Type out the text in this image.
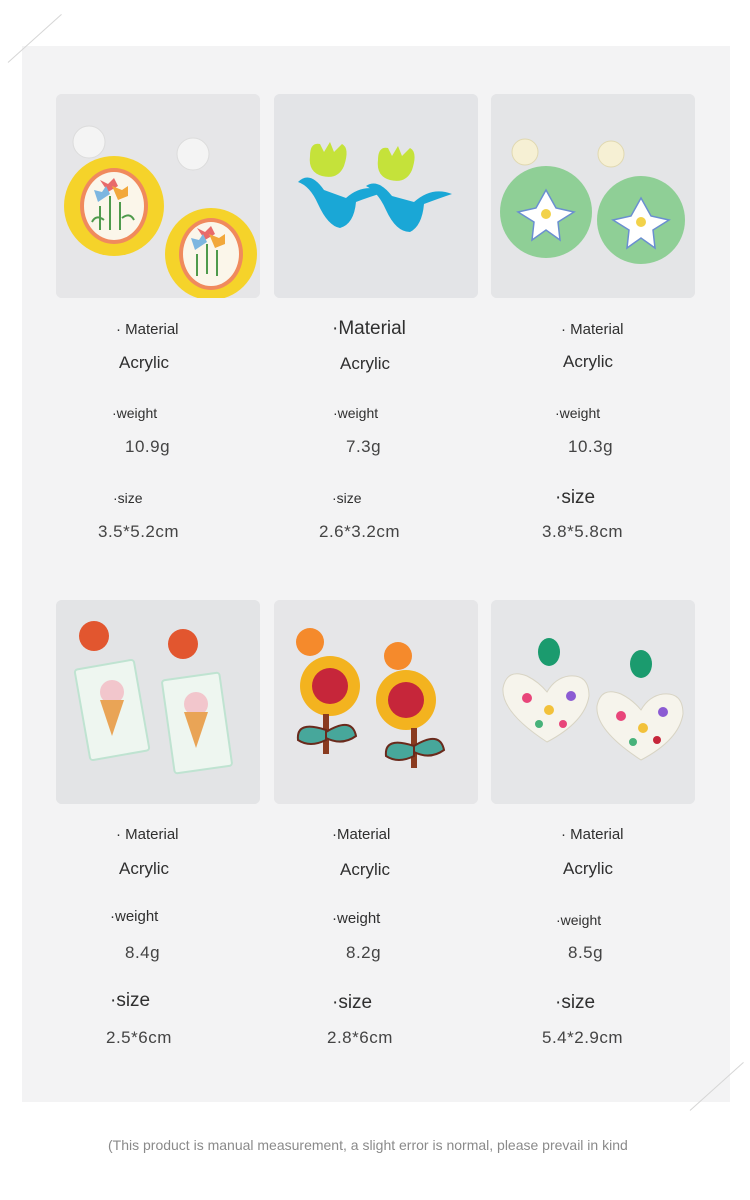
· Material
Acrylic
·weight
10.9g
·size
3.5*5.2cm
·Material
Acrylic
·weight
7.3g
·size
2.6*3.2cm
· Material
Acrylic
·weight
10.3g
·size
3.8*5.8cm
· Material
Acrylic
·weight
8.4g
·size
2.5*6cm
·Material
Acrylic
·weight
8.2g
·size
2.8*6cm
· Material
Acrylic
·weight
8.5g
·size
5.4*2.9cm
(This product is manual measurement, a slight error is normal, please prevail in kind
